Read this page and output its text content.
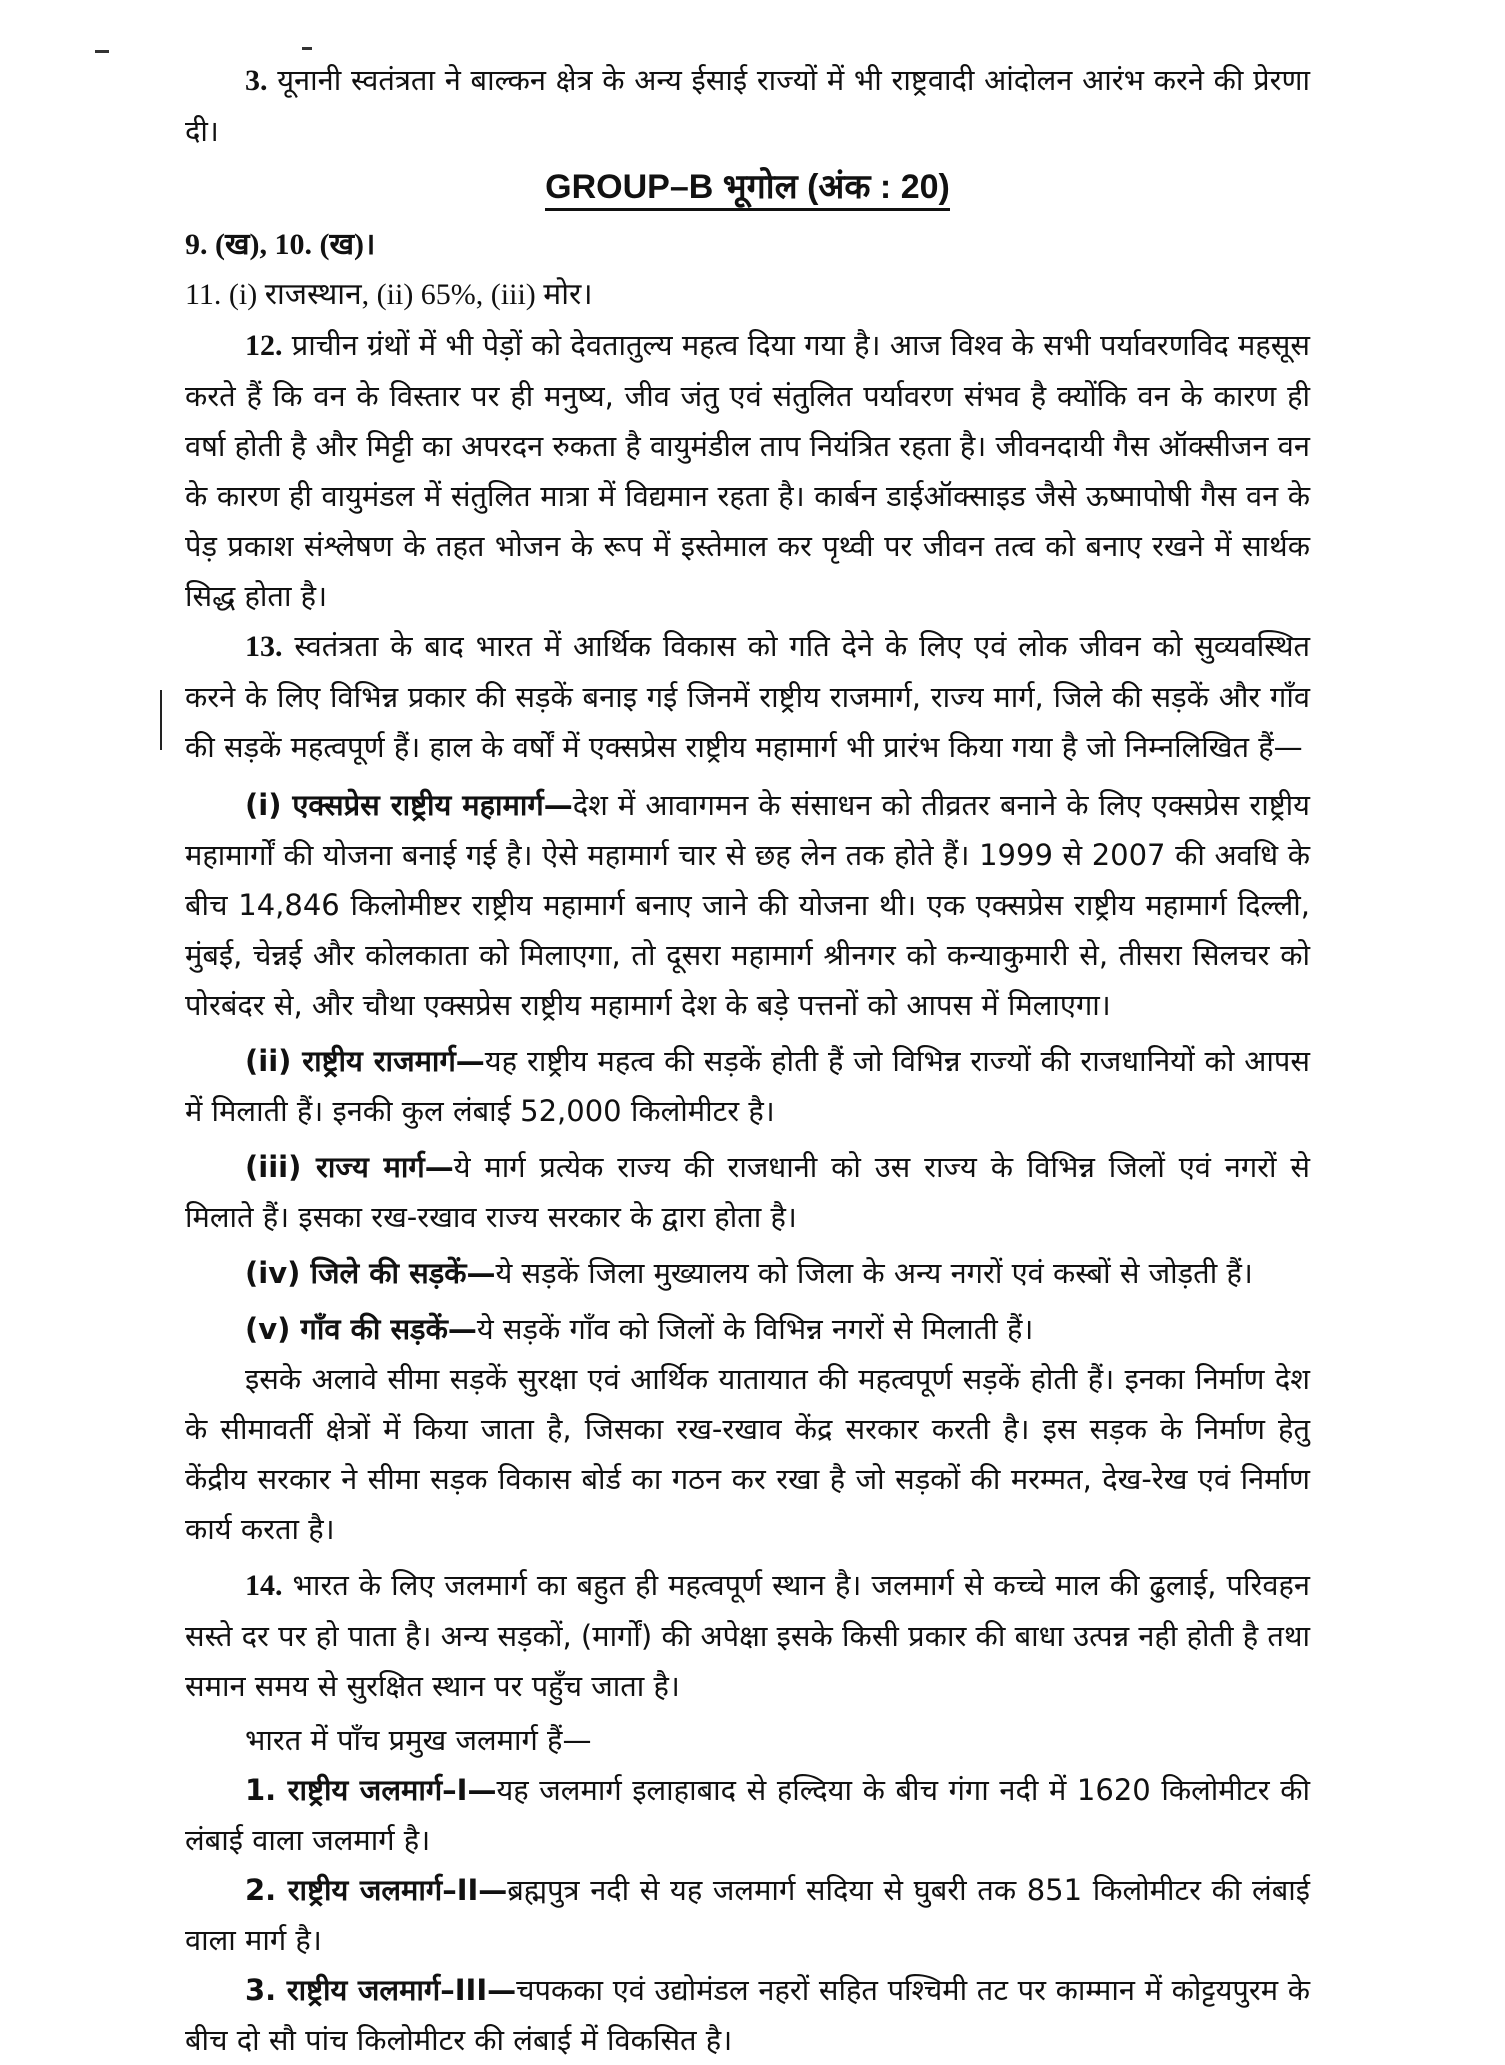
3. यूनानी स्वतंत्रता ने बाल्कन क्षेत्र के अन्य ईसाई राज्यों में भी राष्ट्रवादी आंदोलन आरंभ करने की प्रेरणा दी।

GROUP–B भूगोल (अंक : 20)

9. (ख), 10. (ख)।

11. (i) राजस्थान, (ii) 65%, (iii) मोर।

12. प्राचीन ग्रंथों में भी पेड़ों को देवतातुल्य महत्व दिया गया है। आज विश्व के सभी पर्यावरणविद महसूस करते हैं कि वन के विस्तार पर ही मनुष्य, जीव जंतु एवं संतुलित पर्यावरण संभव है क्योंकि वन के कारण ही वर्षा होती है और मिट्टी का अपरदन रुकता है वायुमंडील ताप नियंत्रित रहता है। जीवनदायी गैस ऑक्सीजन वन के कारण ही वायुमंडल में संतुलित मात्रा में विद्यमान रहता है। कार्बन डाईऑक्साइड जैसे ऊष्मापोषी गैस वन के पेड़ प्रकाश संश्लेषण के तहत भोजन के रूप में इस्तेमाल कर पृथ्वी पर जीवन तत्व को बनाए रखने में सार्थक सिद्ध होता है।

13. स्वतंत्रता के बाद भारत में आर्थिक विकास को गति देने के लिए एवं लोक जीवन को सुव्यवस्थित करने के लिए विभिन्न प्रकार की सड़कें बनाइ गई जिनमें राष्ट्रीय राजमार्ग, राज्य मार्ग, जिले की सड़कें और गाँव की सड़कें महत्वपूर्ण हैं। हाल के वर्षों में एक्सप्रेस राष्ट्रीय महामार्ग भी प्रारंभ किया गया है जो निम्नलिखित हैं—

(i) एक्सप्रेस राष्ट्रीय महामार्ग—देश में आवागमन के संसाधन को तीव्रतर बनाने के लिए एक्सप्रेस राष्ट्रीय महामार्गों की योजना बनाई गई है। ऐसे महामार्ग चार से छह लेन तक होते हैं। 1999 से 2007 की अवधि के बीच 14,846 किलोमीष्टर राष्ट्रीय महामार्ग बनाए जाने की योजना थी। एक एक्सप्रेस राष्ट्रीय महामार्ग दिल्ली, मुंबई, चेन्नई और कोलकाता को मिलाएगा, तो दूसरा महामार्ग श्रीनगर को कन्याकुमारी से, तीसरा सिलचर को पोरबंदर से, और चौथा एक्सप्रेस राष्ट्रीय महामार्ग देश के बड़े पत्तनों को आपस में मिलाएगा।

(ii) राष्ट्रीय राजमार्ग—यह राष्ट्रीय महत्व की सड़कें होती हैं जो विभिन्न राज्यों की राजधानियों को आपस में मिलाती हैं। इनकी कुल लंबाई 52,000 किलोमीटर है।

(iii) राज्य मार्ग—ये मार्ग प्रत्येक राज्य की राजधानी को उस राज्य के विभिन्न जिलों एवं नगरों से मिलाते हैं। इसका रख-रखाव राज्य सरकार के द्वारा होता है।

(iv) जिले की सड़कें—ये सड़कें जिला मुख्यालय को जिला के अन्य नगरों एवं कस्बों से जोड़ती हैं।

(v) गाँव की सड़कें—ये सड़कें गाँव को जिलों के विभिन्न नगरों से मिलाती हैं।

इसके अलावे सीमा सड़कें सुरक्षा एवं आर्थिक यातायात की महत्वपूर्ण सड़कें होती हैं। इनका निर्माण देश के सीमावर्ती क्षेत्रों में किया जाता है, जिसका रख-रखाव केंद्र सरकार करती है। इस सड़क के निर्माण हेतु केंद्रीय सरकार ने सीमा सड़क विकास बोर्ड का गठन कर रखा है जो सड़कों की मरम्मत, देख-रेख एवं निर्माण कार्य करता है।

14. भारत के लिए जलमार्ग का बहुत ही महत्वपूर्ण स्थान है। जलमार्ग से कच्चे माल की ढुलाई, परिवहन सस्ते दर पर हो पाता है। अन्य सड़कों, (मार्गों) की अपेक्षा इसके किसी प्रकार की बाधा उत्पन्न नही होती है तथा समान समय से सुरक्षित स्थान पर पहुँच जाता है।

भारत में पाँच प्रमुख जलमार्ग हैं—

1. राष्ट्रीय जलमार्ग–I—यह जलमार्ग इलाहाबाद से हल्दिया के बीच गंगा नदी में 1620 किलोमीटर की लंबाई वाला जलमार्ग है।

2. राष्ट्रीय जलमार्ग–II—ब्रह्मपुत्र नदी से यह जलमार्ग सदिया से घुबरी तक 851 किलोमीटर की लंबाई वाला मार्ग है।

3. राष्ट्रीय जलमार्ग–III—चपकका एवं उद्योमंडल नहरों सहित पश्चिमी तट पर काम्मान में कोट्टयपुरम के बीच दो सौ पांच किलोमीटर की लंबाई में विकसित है।
